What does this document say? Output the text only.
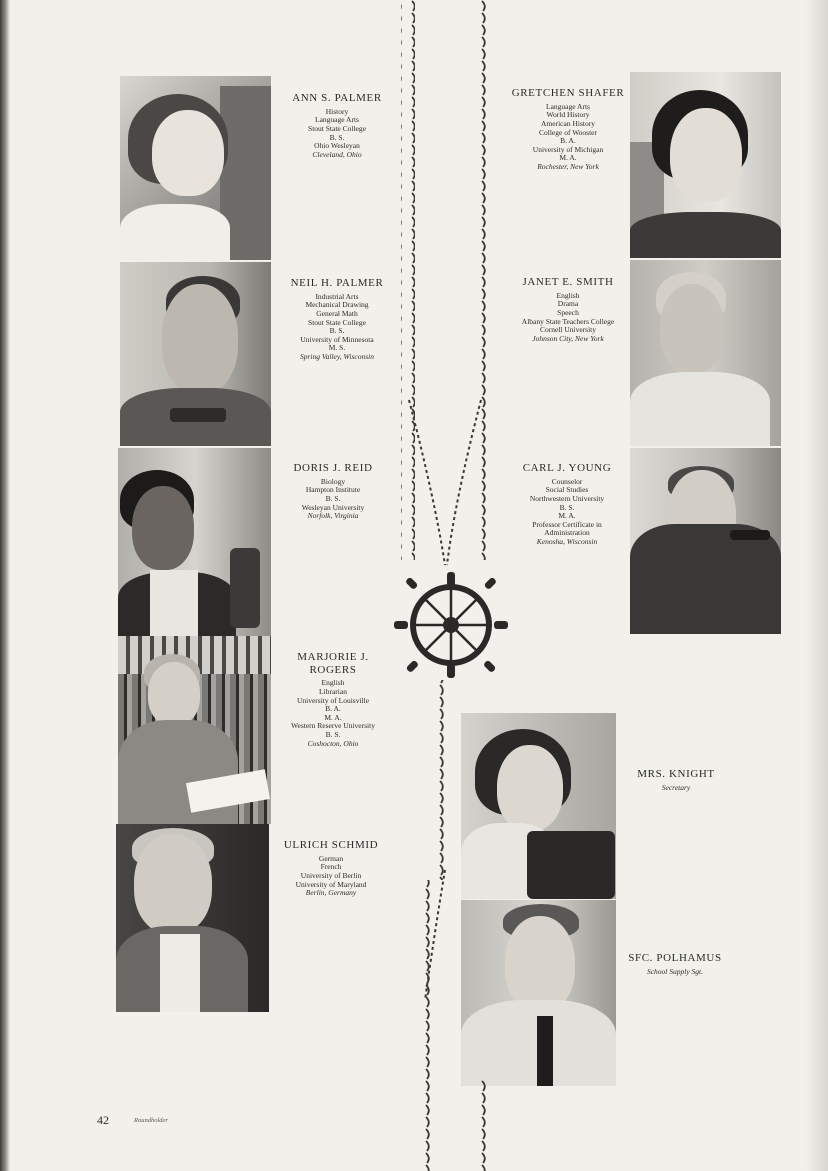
ANN S. PALMER
History
Language Arts
Stout State College
B. S.
Ohio Wesleyan
Cleveland, Ohio
NEIL H. PALMER
Industrial Arts
Mechanical Drawing
General Math
Stout State College
B. S.
University of Minnesota
M. S.
Spring Valley, Wisconsin
DORIS J. REID
Biology
Hampton Institute
B. S.
Wesleyan University
Norfolk, Virginia
MARJORIE J. ROGERS
English
Librarian
University of Louisville
B. A.
M. A.
Western Reserve University
B. S.
Coshocton, Ohio
ULRICH SCHMID
German
French
University of Berlin
University of Maryland
Berlin, Germany
GRETCHEN SHAFER
Language Arts
World History
American History
College of Wooster
B. A.
University of Michigan
M. A.
Rochester, New York
JANET E. SMITH
English
Drama
Speech
Albany State Teachers College
Cornell University
Johnson City, New York
CARL J. YOUNG
Counselor
Social Studies
Northwestern University
B. S.
M. A.
Professor Certificate in
Administration
Kenosha, Wisconsin
MRS. KNIGHT
Secretary
SFC. POLHAMUS
School Supply Sgt.
42	Roundholder
